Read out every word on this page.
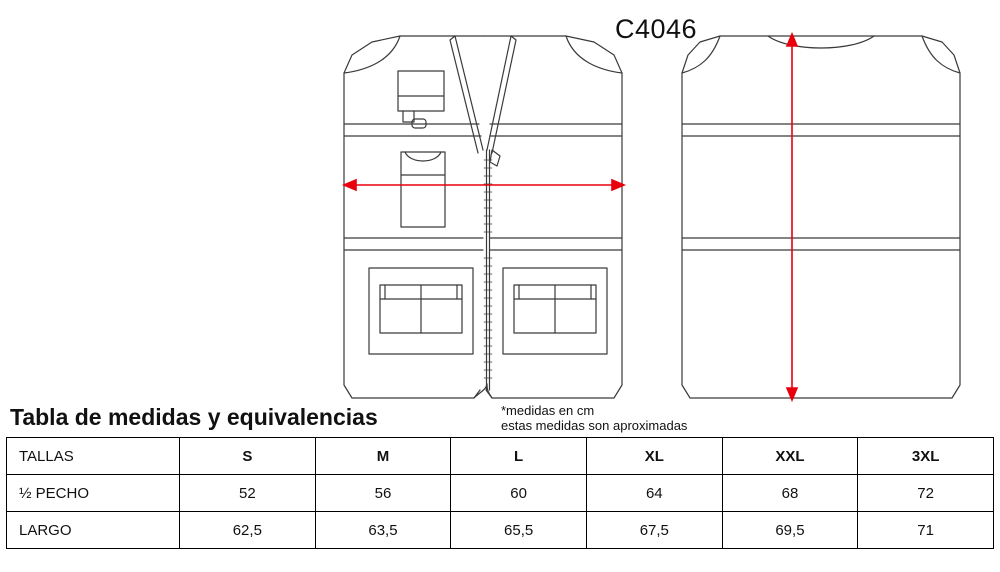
C4046
*medidas en cm
estas medidas son aproximadas
Tabla de medidas y equivalencias
TALLAS	S	M	L	XL	XXL	3XL
½ PECHO	52	56	60	64	68	72
LARGO	62,5	63,5	65,5	67,5	69,5	71
